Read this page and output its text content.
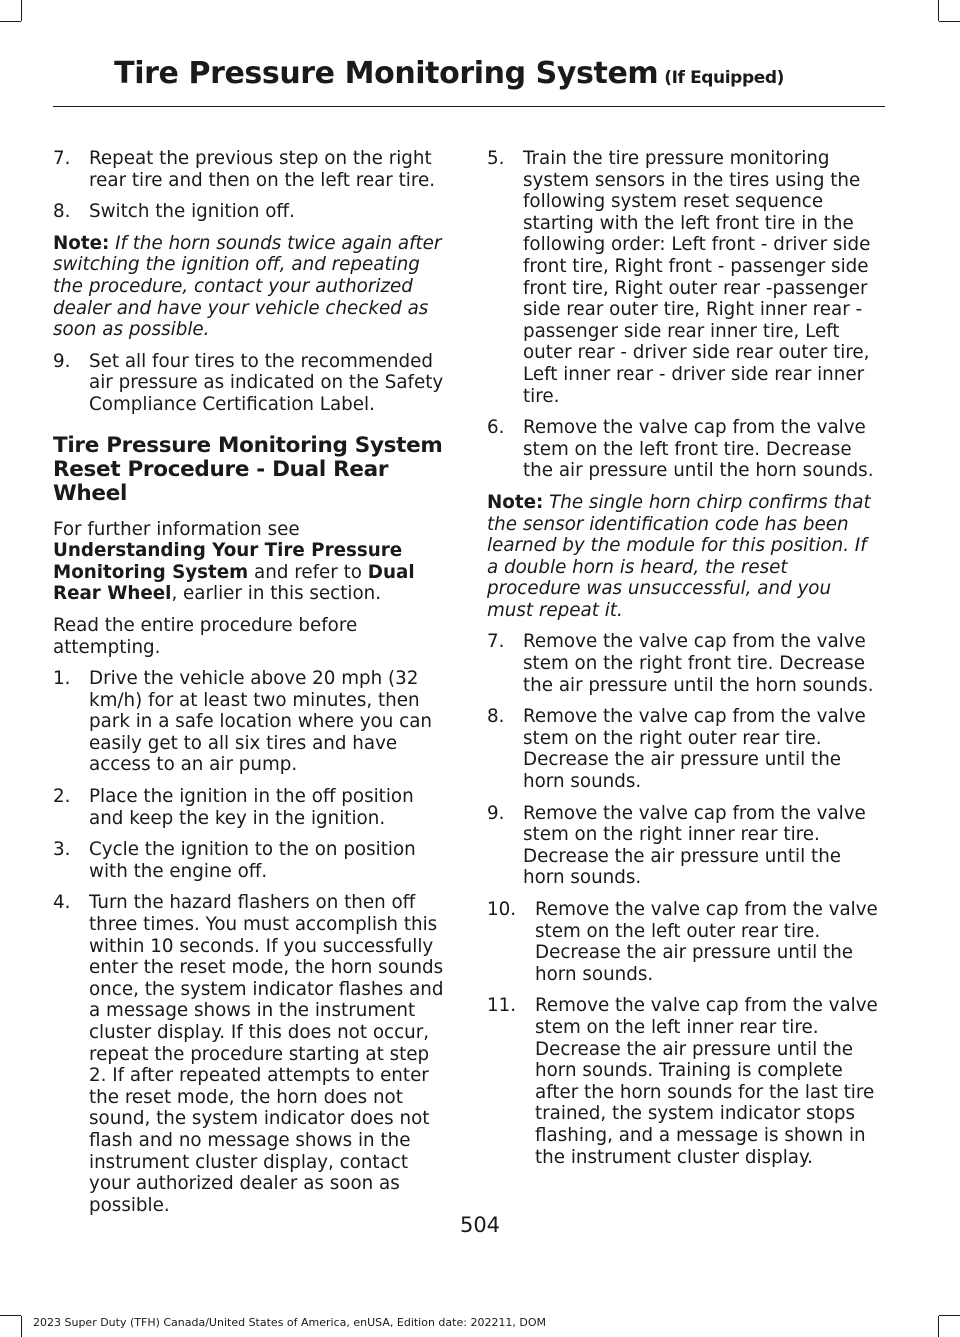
Tire Pressure Monitoring System (If Equipped)
7. Repeat the previous step on the right rear tire and then on the left rear tire.
8. Switch the ignition off.
Note: If the horn sounds twice again after switching the ignition off, and repeating the procedure, contact your authorized dealer and have your vehicle checked as soon as possible.
9. Set all four tires to the recommended air pressure as indicated on the Safety Compliance Certification Label.
Tire Pressure Monitoring System Reset Procedure - Dual Rear Wheel
For further information see Understanding Your Tire Pressure Monitoring System and refer to Dual Rear Wheel, earlier in this section.
Read the entire procedure before attempting.
1. Drive the vehicle above 20 mph (32 km/h) for at least two minutes, then park in a safe location where you can easily get to all six tires and have access to an air pump.
2. Place the ignition in the off position and keep the key in the ignition.
3. Cycle the ignition to the on position with the engine off.
4. Turn the hazard flashers on then off three times. You must accomplish this within 10 seconds. If you successfully enter the reset mode, the horn sounds once, the system indicator flashes and a message shows in the instrument cluster display. If this does not occur, repeat the procedure starting at step 2. If after repeated attempts to enter the reset mode, the horn does not sound, the system indicator does not flash and no message shows in the instrument cluster display, contact your authorized dealer as soon as possible.
5. Train the tire pressure monitoring system sensors in the tires using the following system reset sequence starting with the left front tire in the following order: Left front - driver side front tire, Right front - passenger side front tire, Right outer rear -passenger side rear outer tire, Right inner rear - passenger side rear inner tire, Left outer rear - driver side rear outer tire, Left inner rear - driver side rear inner tire.
6. Remove the valve cap from the valve stem on the left front tire. Decrease the air pressure until the horn sounds.
Note: The single horn chirp confirms that the sensor identification code has been learned by the module for this position. If a double horn is heard, the reset procedure was unsuccessful, and you must repeat it.
7. Remove the valve cap from the valve stem on the right front tire. Decrease the air pressure until the horn sounds.
8. Remove the valve cap from the valve stem on the right outer rear tire. Decrease the air pressure until the horn sounds.
9. Remove the valve cap from the valve stem on the right inner rear tire. Decrease the air pressure until the horn sounds.
10. Remove the valve cap from the valve stem on the left outer rear tire. Decrease the air pressure until the horn sounds.
11. Remove the valve cap from the valve stem on the left inner rear tire. Decrease the air pressure until the horn sounds. Training is complete after the horn sounds for the last tire trained, the system indicator stops flashing, and a message is shown in the instrument cluster display.
504
2023 Super Duty (TFH) Canada/United States of America, enUSA, Edition date: 202211, DOM
